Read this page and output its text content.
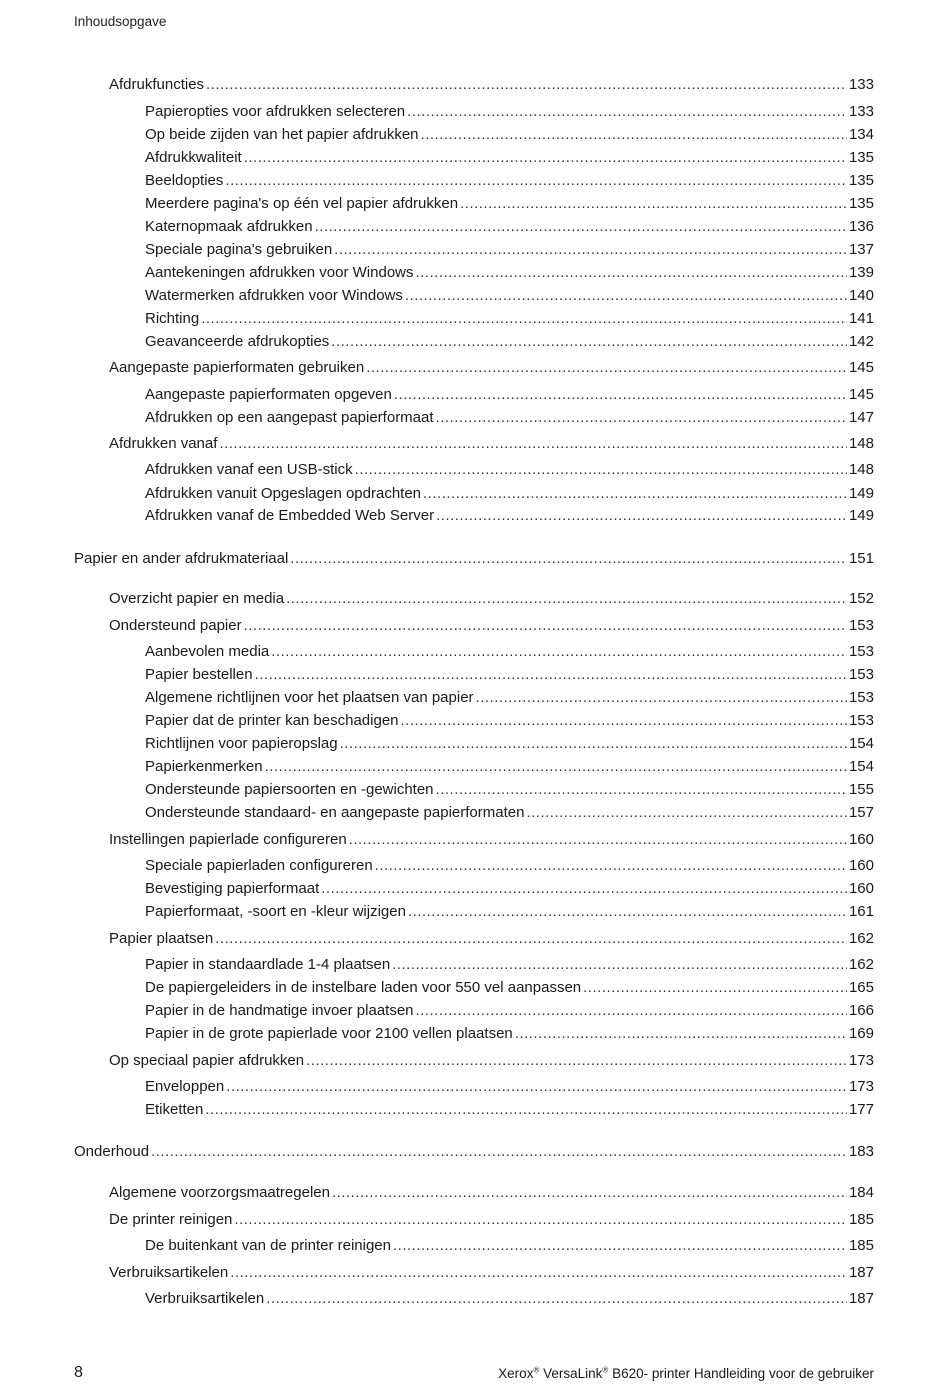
Inhoudsopgave
Afdrukfuncties .....	133
Papieropties voor afdrukken selecteren .....	133
Op beide zijden van het papier afdrukken .....	134
Afdrukkwaliteit .....	135
Beeldopties .....	135
Meerdere pagina's op één vel papier afdrukken .....	135
Katernopmaak afdrukken .....	136
Speciale pagina's gebruiken .....	137
Aantekeningen afdrukken voor Windows .....	139
Watermerken afdrukken voor Windows .....	140
Richting .....	141
Geavanceerde afdrukopties .....	142
Aangepaste papierformaten gebruiken .....	145
Aangepaste papierformaten opgeven .....	145
Afdrukken op een aangepast papierformaat .....	147
Afdrukken vanaf .....	148
Afdrukken vanaf een USB-stick .....	148
Afdrukken vanuit Opgeslagen opdrachten .....	149
Afdrukken vanaf de Embedded Web Server .....	149
Papier en ander afdrukmateriaal .....	151
Overzicht papier en media .....	152
Ondersteund papier .....	153
Aanbevolen media .....	153
Papier bestellen .....	153
Algemene richtlijnen voor het plaatsen van papier .....	153
Papier dat de printer kan beschadigen .....	153
Richtlijnen voor papieropslag .....	154
Papierkenmerken .....	154
Ondersteunde papiersoorten en -gewichten .....	155
Ondersteunde standaard- en aangepaste papierformaten .....	157
Instellingen papierlade configureren .....	160
Speciale papierladen configureren .....	160
Bevestiging papierformaat .....	160
Papierformaat, -soort en -kleur wijzigen .....	161
Papier plaatsen .....	162
Papier in standaardlade 1-4 plaatsen .....	162
De papiergeleiders in de instelbare laden voor 550 vel aanpassen .....	165
Papier in de handmatige invoer plaatsen .....	166
Papier in de grote papierlade voor 2100 vellen plaatsen .....	169
Op speciaal papier afdrukken .....	173
Enveloppen .....	173
Etiketten .....	177
Onderhoud .....	183
Algemene voorzorgsmaatregelen .....	184
De printer reinigen .....	185
De buitenkant van de printer reinigen .....	185
Verbruiksartikelen .....	187
Verbruiksartikelen .....	187
8	Xerox® VersaLink® B620- printer Handleiding voor de gebruiker
